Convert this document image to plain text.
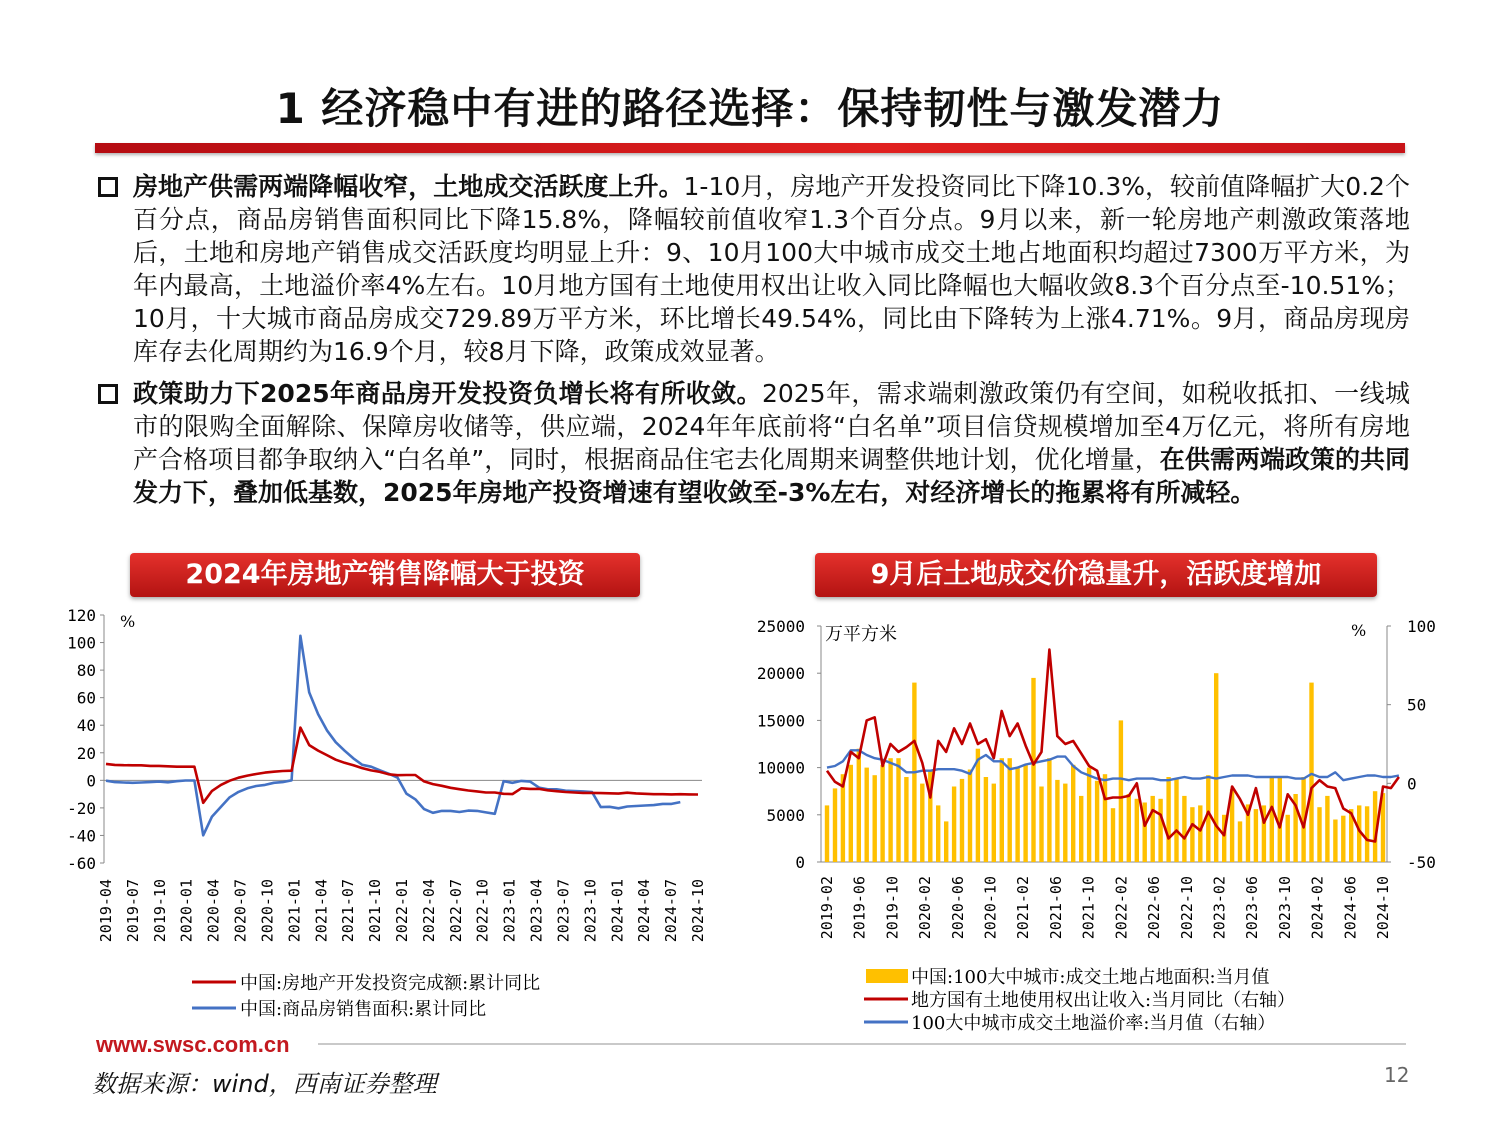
1 经济稳中有进的路径选择：保持韧性与激发潜力
房地产供需两端降幅收窄，土地成交活跃度上升。1-10月，房地产开发投资同比下降10.3%，较前值降幅扩大0.2个百分点，商品房销售面积同比下降15.8%，降幅较前值收窄1.3个百分点。9月以来，新一轮房地产刺激政策落地后，土地和房地产销售成交活跃度均明显上升：9、10月100大中城市成交土地占地面积均超过7300万平方米，为年内最高，土地溢价率4%左右。10月地方国有土地使用权出让收入同比降幅也大幅收敛8.3个百分点至-10.51%；10月，十大城市商品房成交729.89万平方米，环比增长49.54%，同比由下降转为上涨4.71%。9月，商品房现房库存去化周期约为16.9个月，较8月下降，政策成效显著。
政策助力下2025年商品房开发投资负增长将有所收敛。2025年，需求端刺激政策仍有空间，如税收抵扣、一线城市的限购全面解除、保障房收储等，供应端，2024年年底前将“白名单”项目信贷规模增加至4万亿元，将所有房地产合格项目都争取纳入“白名单”，同时，根据商品住宅去化周期来调整供地计划，优化增量，在供需两端政策的共同发力下，叠加低基数，2025年房地产投资增速有望收敛至-3%左右，对经济增长的拖累将有所减轻。
2024年房地产销售降幅大于投资	9月后土地成交价稳量升，活跃度增加
120
100
80
60
40
20
0
-20
-40
-60
%
2019-04 2019-07 2019-10 2020-01 2020-04 2020-07 2020-10 2021-01 2021-04 2021-07 2021-10 2022-01 2022-04 2022-07 2022-10 2023-01 2023-04 2023-07 2023-10 2024-01 2024-04 2024-07 2024-10
中国:房地产开发投资完成额:累计同比
中国:商品房销售面积:累计同比
25000
20000
15000
10000
5000
0
100
50
0
-50
万平方米	%
2019-02 2019-06 2019-10 2020-02 2020-06 2020-10 2021-02 2021-06 2021-10 2022-02 2022-06 2022-10 2023-02 2023-06 2023-10 2024-02 2024-06 2024-10
中国:100大中城市:成交土地占地面积:当月值
地方国有土地使用权出让收入:当月同比（右轴）
100大中城市成交土地溢价率:当月值（右轴）
www.swsc.com.cn
数据来源：wind，西南证券整理	12
